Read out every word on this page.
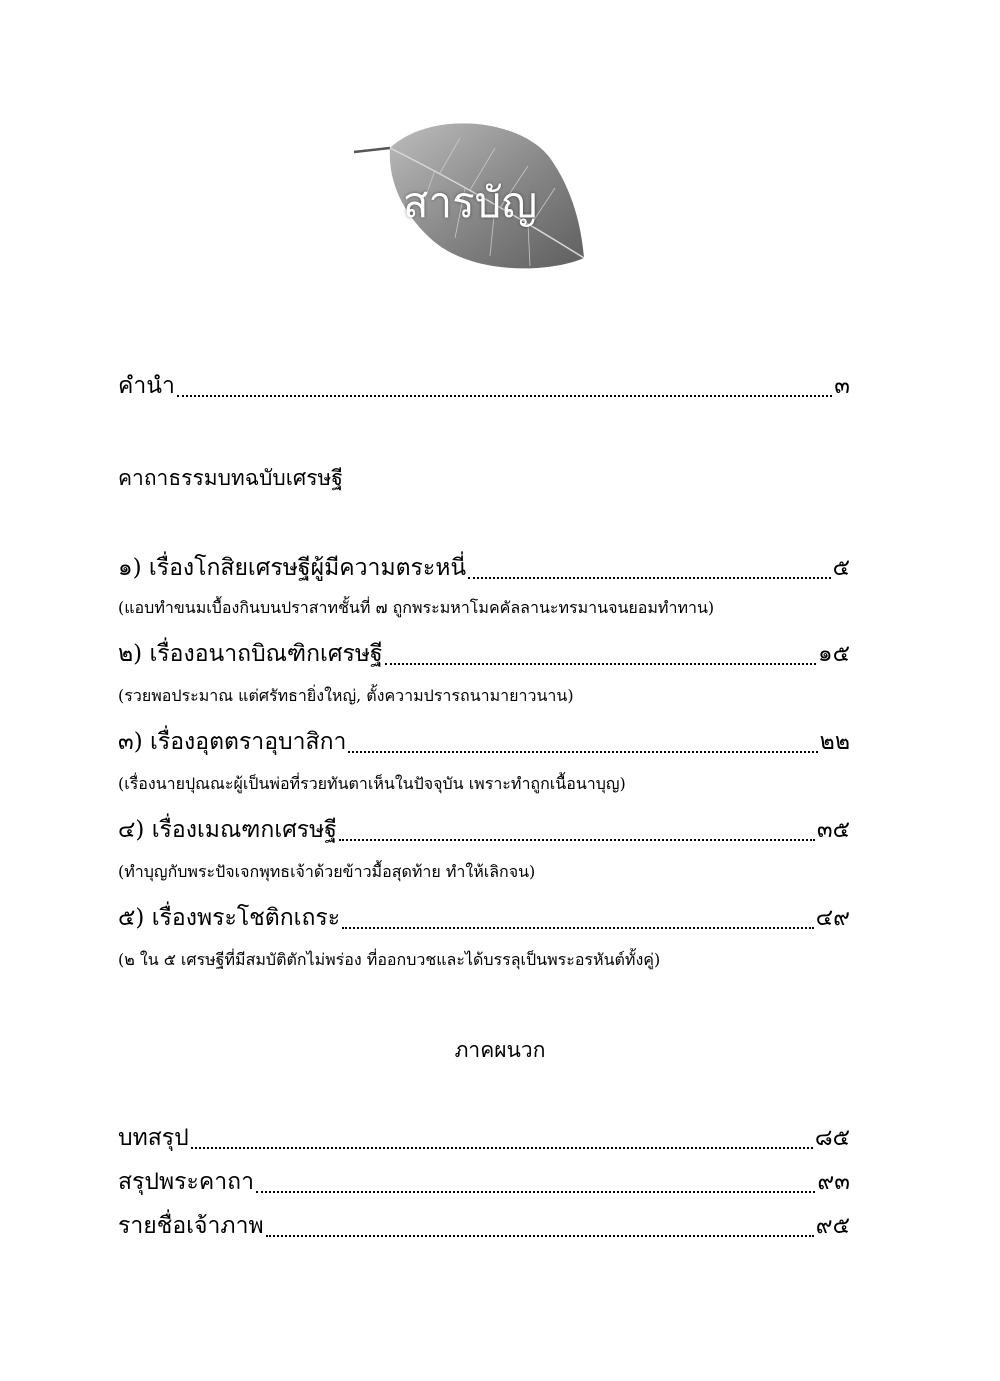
สารบัญ
คำนำ	๓
คาถาธรรมบทฉบับเศรษฐี
๑) เรื่องโกสิยเศรษฐีผู้มีความตระหนี่	๕
(แอบทำขนมเบื้องกินบนปราสาทชั้นที่ ๗ ถูกพระมหาโมคคัลลานะทรมานจนยอมทำทาน)
๒) เรื่องอนาถบิณฑิกเศรษฐี	๑๕
(รวยพอประมาณ แต่ศรัทธายิ่งใหญ่, ตั้งความปรารถนามายาวนาน)
๓) เรื่องอุตตราอุบาสิกา	๒๒
(เรื่องนายปุณณะผู้เป็นพ่อที่รวยทันตาเห็นในปัจจุบัน เพราะทำถูกเนื้อนาบุญ)
๔) เรื่องเมณฑกเศรษฐี	๓๕
(ทำบุญกับพระปัจเจกพุทธเจ้าด้วยข้าวมื้อสุดท้าย ทำให้เลิกจน)
๕) เรื่องพระโชติกเถระ	๔๙
(๒ ใน ๕ เศรษฐีที่มีสมบัติตักไม่พร่อง ที่ออกบวชและได้บรรลุเป็นพระอรหันต์ทั้งคู่)
ภาคผนวก
บทสรุป	๘๕
สรุปพระคาถา	๙๓
รายชื่อเจ้าภาพ	๙๕
